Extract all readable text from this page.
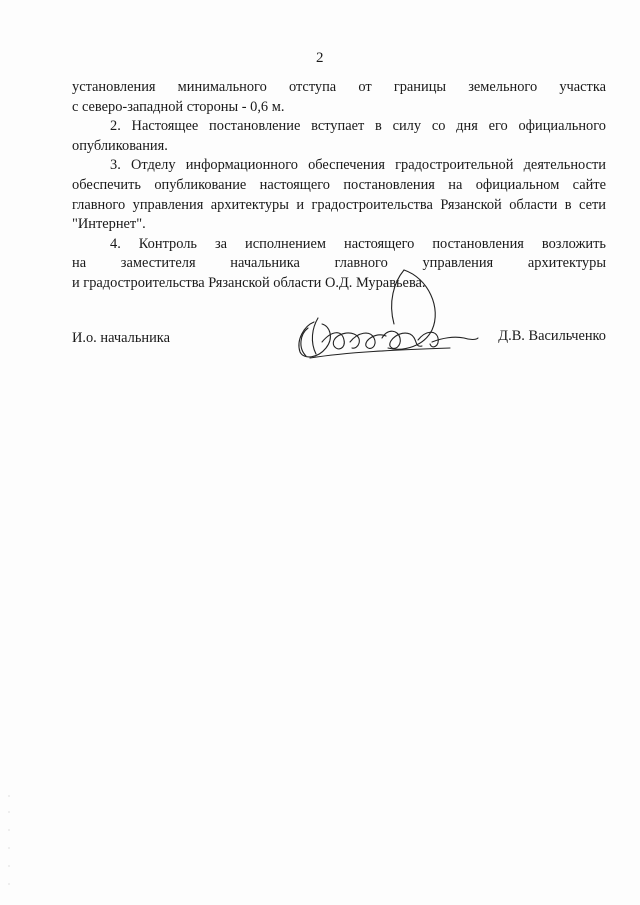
2
установления минимального отступа от границы земельного участка
с северо-западной стороны - 0,6 м.
2. Настоящее постановление вступает в силу со дня его официального
опубликования.
3. Отделу информационного обеспечения градостроительной деятельности
обеспечить опубликование настоящего постановления на официальном сайте
главного управления архитектуры и градостроительства Рязанской области в сети
"Интернет".
4. Контроль за исполнением настоящего постановления возложить
на заместителя начальника главного управления архитектуры
и градостроительства Рязанской области О.Д. Муравьева.
И.о. начальника	Д.В. Васильченко
